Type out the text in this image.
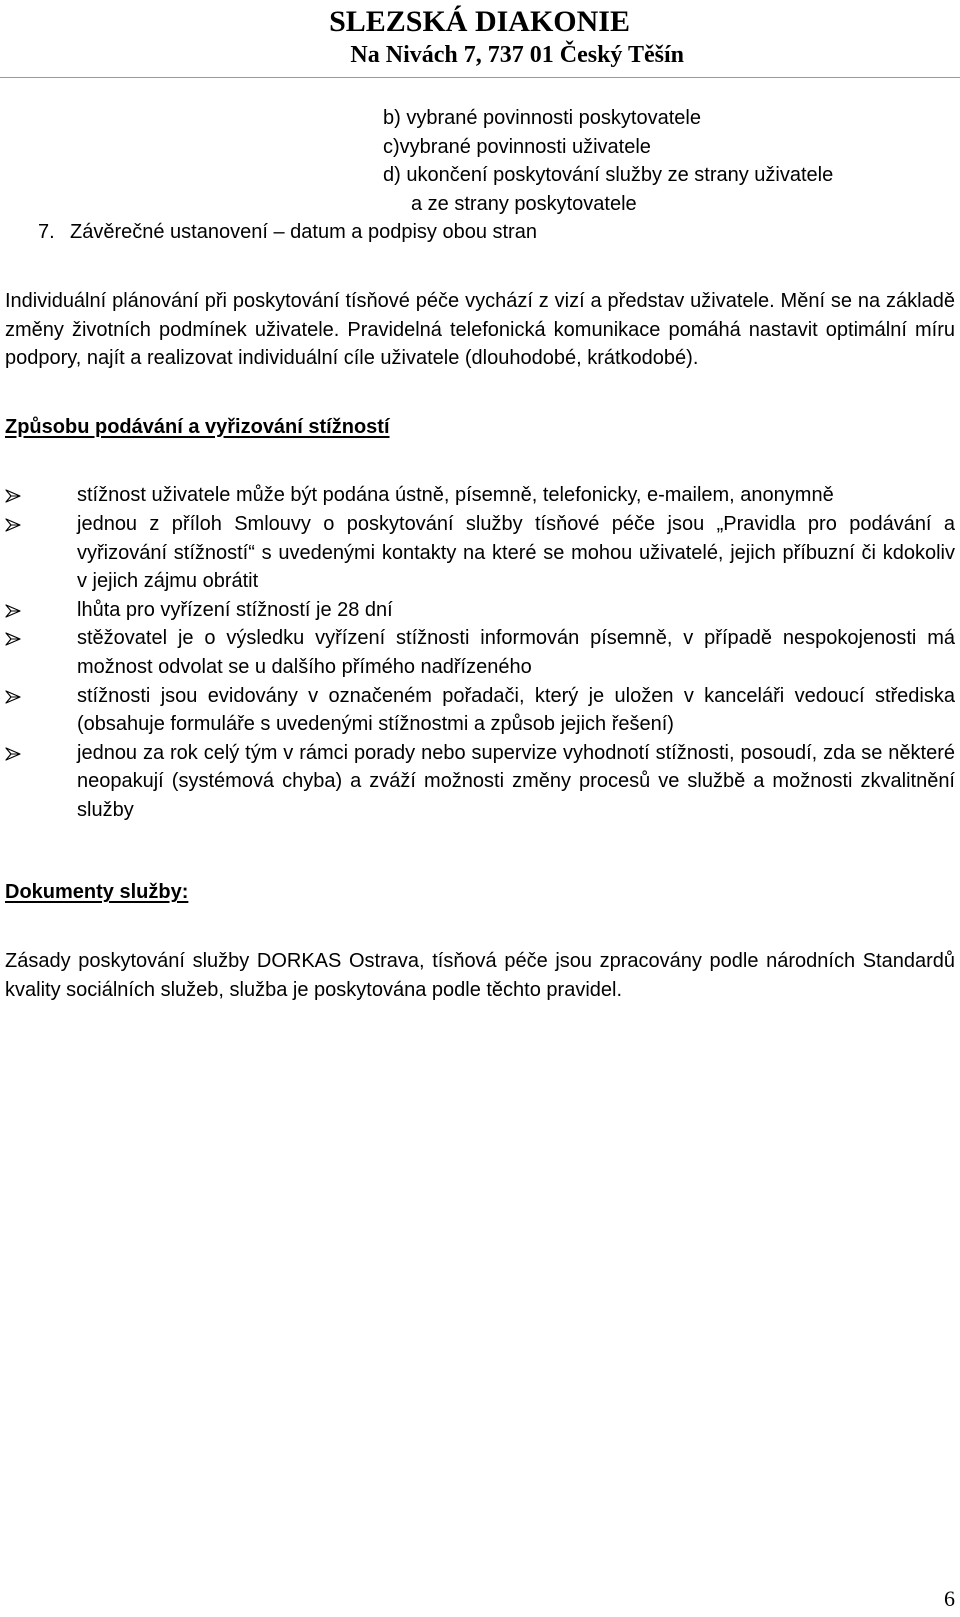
SLEZSKÁ DIAKONIE
Na Nivách 7, 737 01 Český Těšín

b) vybrané povinnosti poskytovatele

c)vybrané povinnosti uživatele

d) ukončení poskytování služby ze strany uživatele

a ze strany poskytovatele

7. Závěrečné ustanovení – datum a podpisy obou stran

Individuální plánování při poskytování tísňové péče vychází z vizí a představ uživatele. Mění se na základě změny životních podmínek uživatele. Pravidelná telefonická komunikace pomáhá nastavit optimální míru podpory, najít a realizovat individuální cíle uživatele (dlouhodobé, krátkodobé).

Způsobu podávání a vyřizování stížností

stížnost uživatele může být podána ústně, písemně, telefonicky, e-mailem, anonymně
jednou z příloh Smlouvy o poskytování služby tísňové péče jsou „Pravidla pro podávání a vyřizování stížností“ s uvedenými kontakty na které se mohou uživatelé, jejich příbuzní či kdokoliv v jejich zájmu obrátit
lhůta pro vyřízení stížností je 28 dní
stěžovatel je o výsledku vyřízení stížnosti informován písemně, v případě nespokojenosti má možnost odvolat se u dalšího přímého nadřízeného
stížnosti jsou evidovány v označeném pořadači, který je uložen v kanceláři vedoucí střediska (obsahuje formuláře s uvedenými stížnostmi a způsob jejich řešení)
jednou za rok celý tým v rámci porady nebo supervize vyhodnotí stížnosti, posoudí, zda se některé neopakují (systémová chyba) a zváží možnosti změny procesů ve službě a možnosti zkvalitnění služby

Dokumenty služby:

Zásady poskytování služby DORKAS Ostrava, tísňová péče jsou zpracovány podle národních Standardů kvality sociálních služeb, služba je poskytována podle těchto pravidel.

6
